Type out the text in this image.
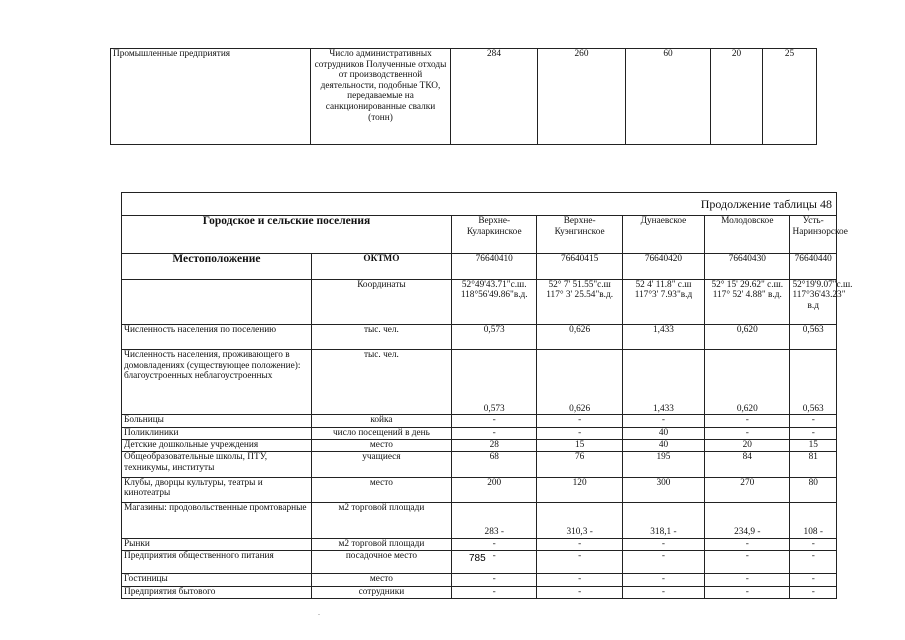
Промышленные предприятия	Число административных сотрудников Полученные отходы от производственной деятельности, подобные ТКО, передаваемые на санкционированные свалки (тонн)	284	260	60	20	25
Продолжение таблицы 48						
Городское и сельские поселения		Верхне-Куларкинское	Верхне-Куэнгинское	Дунаевское	Молодовское	Усть-Наринзорское
Местоположение	ОКТМО	76640410	76640415	76640420	76640430	76640440
	Координаты	52°49'43.71"с.ш. 118°56'49.86"в.д.	52° 7' 51.55"с.ш 117° 3' 25.54"в.д.	52 4' 11.8" с.ш 117°3' 7.93"в.д	52° 15' 29.62" с.ш. 117° 52' 4.88" в.д.	52°19'9.07"с.ш. 117°36'43.23" в.д
Численность населения по поселению	тыс. чел.	0,573	0,626	1,433	0,620	0,563
Численность населения, проживающего в домовладениях (существующее положение): благоустроенных неблагоустроенных	тыс. чел.	0,573	0,626	1,433	0,620	0,563
Больницы	койка	-	-	-	-	-
Поликлиники	число посещений в день	-	-	40	-	-
Детские дошкольные учреждения	место	28	15	40	20	15
Общеобразовательные школы, ПТУ, техникумы, институты	учащиеся	68	76	195	84	81
Клубы, дворцы культуры, театры и кинотеатры	место	200	120	300	270	80
Магазины: продовольственные промтоварные	м2 торговой площади	283 -	310,3 -	318,1 -	234,9 -	108 -
Рынки	м2 торговой площади	-	-	-	-	-
Предприятия общественного питания	посадочное место	-	-	-	-	-
Гостиницы	место	-	-	-	-	-
Предприятия бытового	сотрудники	-	-	-	-	-
785
.
